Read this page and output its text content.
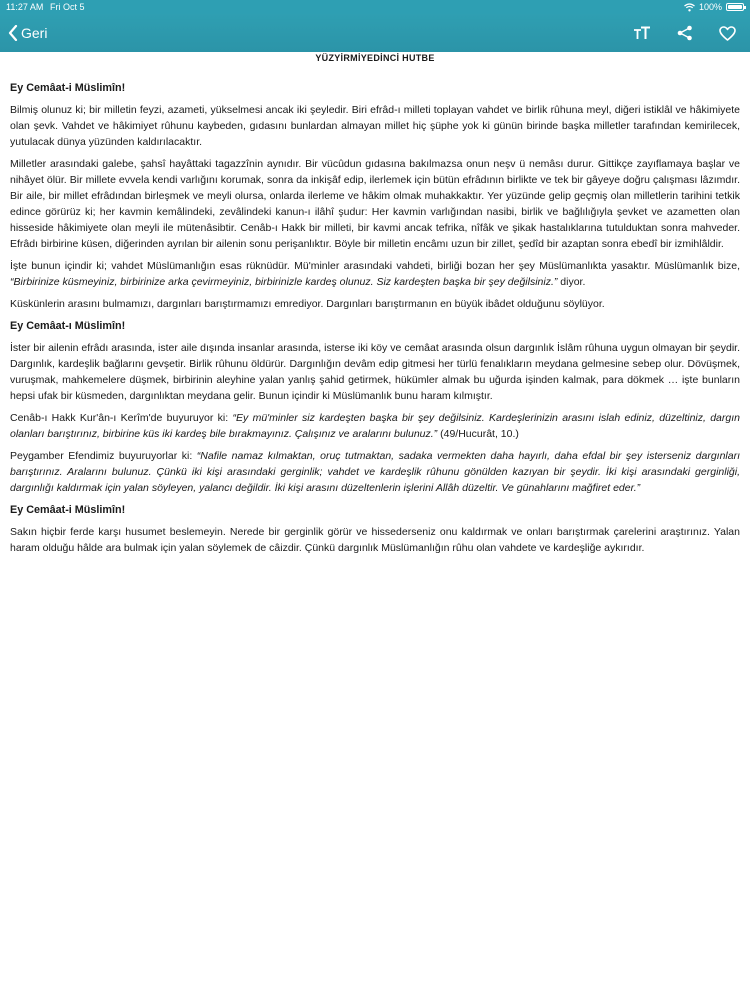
11:27 AM Fri Oct 5	100%
Geri
YÜZYİRMİYEDİNCİ HUTBE
Ey Cemâat-i Müslimîn!

Bilmiş olunuz ki; bir milletin feyzi, azameti, yükselmesi ancak iki şeyledir. Biri efrâd-ı milleti toplayan vahdet ve birlik rûhuna meyl, diğeri istiklâl ve hâkimiyete olan şevk. Vahdet ve hâkimiyet rûhunu kaybeden, gıdasını bunlardan almayan millet hiç şüphe yok ki günün birinde başka milletler tarafından kemirilecek, yutulacak dünya yüzünden kaldırılacaktır.

Milletler arasındaki galebe, şahsî hayâttaki tagazzînin aynıdır. Bir vücûdun gıdasına bakılmazsa onun neşv ü nemâsı durur. Gittikçe zayıflamaya başlar ve nihâyet ölür. Bir millete evvela kendi varlığını korumak, sonra da inkişâf edip, ilerlemek için bütün efrâdının birlikte ve tek bir gâyeye doğru çalışması lâzımdır. Bir aile, bir millet efrâdından birleşmek ve meyli olursa, onlarda ilerleme ve hâkim olmak muhakkaktır. Yer yüzünde gelip geçmiş olan milletlerin tarihini tetkik edince görürüz ki; her kavmin kemâlindeki, zevâlindeki kanun-ı ilâhî şudur: Her kavmin varlığından nasibi, birlik ve bağlılığıyla şevket ve azametten olan hisseside hâkimiyete olan meyli ile mütenâsibtir. Cenâb-ı Hakk bir milleti, bir kavmi ancak tefrika, nîfâk ve şikak hastalıklarına tutulduktan sonra mahveder. Efrâdı birbirine küsen, diğerinden ayrılan bir ailenin sonu perişanlıktır. Böyle bir milletin encâmı uzun bir zillet, şedîd bir azaptan sonra ebedî bir izmihlâldir.

İşte bunun içindir ki; vahdet Müslümanlığın esas rüknüdür. Mü'minler arasındaki vahdeti, birliği bozan her şey Müslümanlıkta yasaktır. Müslümanlık bize, “Birbirinize küsmeyiniz, birbirinize arka çevirmeyiniz, birbirinizle kardeş olunuz. Siz kardeşten başka bir şey değilsiniz.” diyor.

Küskünlerin arasını bulmamızı, dargınları barıştırmamızı emrediyor. Dargınları barıştırmanın en büyük ibâdet olduğunu söylüyor.

Ey Cemâat-ı Müslimîn!

İster bir ailenin efrâdı arasında, ister aile dışında insanlar arasında, isterse iki köy ve cemâat arasında olsun dargınlık İslâm rûhuna uygun olmayan bir şeydir. Dargınlık, kardeşlik bağlarını gevşetir. Birlik rûhunu öldürür. Dargınlığın devâm edip gitmesi her türlü fenalıkların meydana gelmesine sebep olur. Dövüşmek, vuruşmak, mahkemelere düşmek, birbirinin aleyhine yalan yanlış şahid getirmek, hükümler almak bu uğurda işinden kalmak, para dökmek … işte bunların hepsi ufak bir küsmeden, dargınlıktan meydana gelir. Bunun içindir ki Müslümanlık bunu haram kılmıştır.

Cenâb-ı Hakk Kur'ân-ı Kerîm'de buyuruyor ki: “Ey mü'minler siz kardeşten başka bir şey değilsiniz. Kardeşlerinizin arasını islah ediniz, düzeltiniz, dargın olanları barıştırınız, birbirine küs iki kardeş bile bırakmayınız. Çalışınız ve aralarını bulunuz.” (49/Hucurât, 10.)

Peygamber Efendimiz buyuruyorlar ki: “Nafile namaz kılmaktan, oruç tutmaktan, sadaka vermekten daha hayırlı, daha efdal bir şey isterseniz dargınları barıştırınız. Aralarını bulunuz. Çünkü iki kişi arasındaki gerginlik; vahdet ve kardeşlik rûhunu gönülden kazıyan bir şeydir. İki kişi arasındaki gerginliği, dargınlığı kaldırmak için yalan söyleyen, yalancı değildir. İki kişi arasını düzeltenlerin işlerini Allâh düzeltir. Ve günahlarını mağfiret eder.”

Ey Cemâat-i Müslimîn!

Sakın hiçbir ferde karşı husumet beslemeyin. Nerede bir gerginlik görür ve hissederseniz onu kaldırmak ve onları barıştırmak çarelerini araştırınız. Yalan haram olduğu hâlde ara bulmak için yalan söylemek de câizdir. Çünkü dargınlık Müslümanlığın rûhu olan vahdete ve kardeşliğe aykırıdır.
